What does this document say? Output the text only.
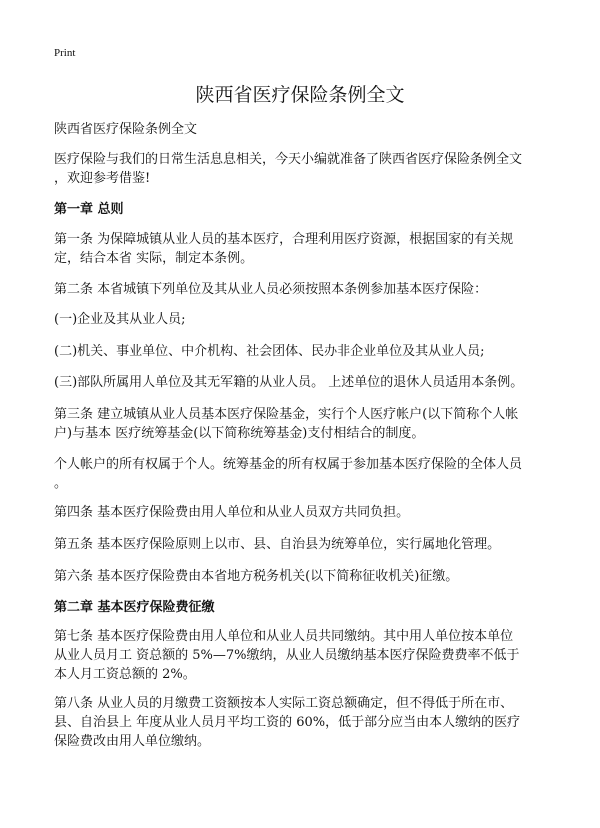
Print
陕西省医疗保险条例全文

陕西省医疗保险条例全文

医疗保险与我们的日常生活息息相关，今天小编就准备了陕西省医疗保险条例全文
，欢迎参考借鉴!

第一章 总则

第一条 为保障城镇从业人员的基本医疗，合理利用医疗资源，根据国家的有关规
定，结合本省 实际，制定本条例。

第二条 本省城镇下列单位及其从业人员必须按照本条例参加基本医疗保险：

(一)企业及其从业人员;

(二)机关、事业单位、中介机构、社会团体、民办非企业单位及其从业人员;

(三)部队所属用人单位及其无军籍的从业人员。 上述单位的退休人员适用本条例。

第三条 建立城镇从业人员基本医疗保险基金，实行个人医疗帐户(以下简称个人帐
户)与基本 医疗统筹基金(以下简称统筹基金)支付相结合的制度。

个人帐户的所有权属于个人。统筹基金的所有权属于参加基本医疗保险的全体人员
。

第四条 基本医疗保险费由用人单位和从业人员双方共同负担。

第五条 基本医疗保险原则上以市、县、自治县为统筹单位，实行属地化管理。

第六条 基本医疗保险费由本省地方税务机关(以下简称征收机关)征缴。

第二章 基本医疗保险费征缴

第七条 基本医疗保险费由用人单位和从业人员共同缴纳。其中用人单位按本单位
从业人员月工 资总额的 5%—7%缴纳，从业人员缴纳基本医疗保险费费率不低于
本人月工资总额的 2%。

第八条 从业人员的月缴费工资额按本人实际工资总额确定，但不得低于所在市、
县、自治县上 年度从业人员月平均工资的 60%，低于部分应当由本人缴纳的医疗
保险费改由用人单位缴纳。
